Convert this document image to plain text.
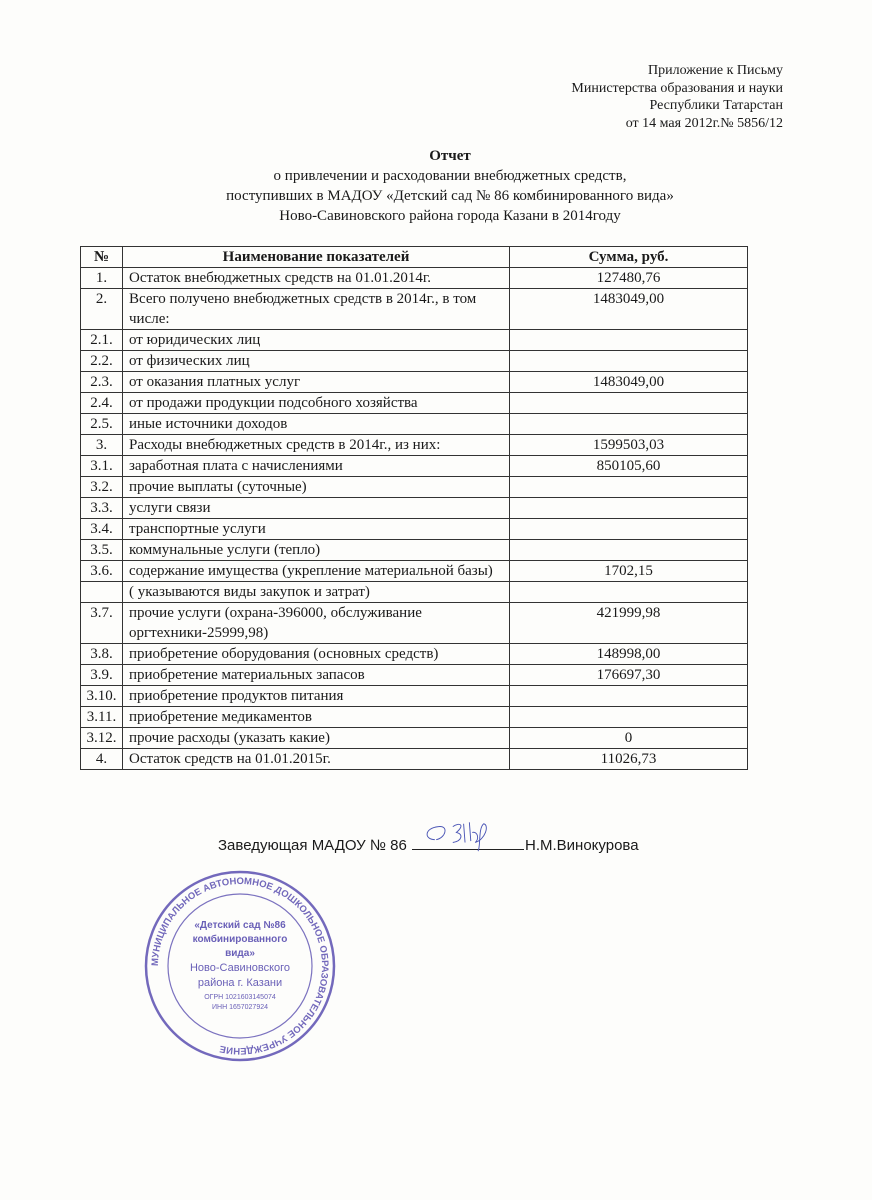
Приложение к Письму
Министерства образования и науки
Республики Татарстан
от 14 мая 2012г.№ 5856/12
Отчет
о привлечении и расходовании внебюджетных средств,
поступивших в МАДОУ «Детский сад № 86 комбинированного вида»
Ново-Савиновского района города Казани в 2014году
№	Наименование показателей	Сумма, руб.
1.	Остаток внебюджетных средств на 01.01.2014г.	127480,76
2.	Всего получено внебюджетных средств в 2014г., в том числе:	1483049,00
2.1.	от юридических лиц	
2.2.	от физических лиц	
2.3.	от оказания платных услуг	1483049,00
2.4.	от продажи продукции подсобного хозяйства	
2.5.	иные источники доходов	
3.	Расходы внебюджетных средств в 2014г., из них:	1599503,03
3.1.	заработная плата с начислениями	850105,60
3.2.	прочие выплаты (суточные)	
3.3.	услуги связи	
3.4.	транспортные услуги	
3.5.	коммунальные услуги (тепло)	
3.6.	содержание имущества (укрепление материальной базы)	1702,15
	( указываются виды закупок и затрат)	
3.7.	прочие услуги (охрана-396000, обслуживание оргтехники-25999,98)	421999,98
3.8.	приобретение оборудования (основных средств)	148998,00
3.9.	приобретение материальных запасов	176697,30
3.10.	приобретение продуктов питания	
3.11.	приобретение медикаментов	
3.12.	прочие расходы (указать какие)	0
4.	Остаток средств на 01.01.2015г.	11026,73
Заведующая МАДОУ № 86	Н.М.Винокурова
МУНИЦИПАЛЬНОЕ АВТОНОМНОЕ ДОШКОЛЬНОЕ ОБРАЗОВАТЕЛЬНОЕ УЧРЕЖДЕНИЕ
«Детский сад №86
комбинированного
вида»
Ново-Савиновского
района г. Казани
ОГРН 1021603145074
ИНН 1657027924
